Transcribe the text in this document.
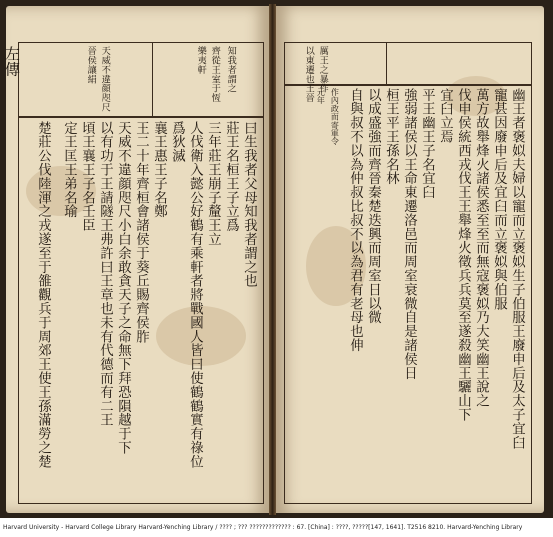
左傳	天威不違顔咫尺
晉侯讓絹	齊從王室于恆
樂夷軒 知我者謂之
曰生我者父母知我者謂之也
莊王名桓王子立爲
三年莊王崩子釐王立
人伐衛入懿公好鶴有乘軒者將戰國人皆曰使鶴鶴實有祿位
爲狄滅
襄王惠王子名鄭
王二十年齊桓會諸侯于葵丘賜齊侯胙
天威不違顔咫尺小白余敢貪天子之命無下拜恐隕越于下
以有功于王請隧王弗許曰王章也未有代德而有二王
頃王襄王子名壬臣
定王匡王弟名瑜
楚莊公伐陸渾之戎遂至于雒觀兵于周郊王使王孫滿勞之楚
厲王之暴作
以東遷也王晉
幽王者褒姒夫婦以寵而立褒姒生子伯服王廢申后及太子宜臼
寵甚因廢申后及宜臼而立褒姒與伯服
萬方故舉烽火諸侯悉至至而無寇褒姒乃大笑幽王說之
伐申侯統西戎伐王王舉烽火徵兵兵莫至遂殺幽王驪山下
宜臼立焉
平王幽王子名宜臼
強弱諸侯以王命東遷洛邑而周室衰微自是諸侯日
桓王平王孫名林
以成盛強而齊晉秦楚迭興而周室日以微
自與叔不以為仲叔比叔不以為君有老母也伸
作內政而寄軍令
元年
Harvard University - Harvard College Library Harvard-Yenching Library / ???? ; ??? ????????????? : 67. [China] : ????, ?????[147, 1641]. T2516 8210. Harvard-Yenching Library
